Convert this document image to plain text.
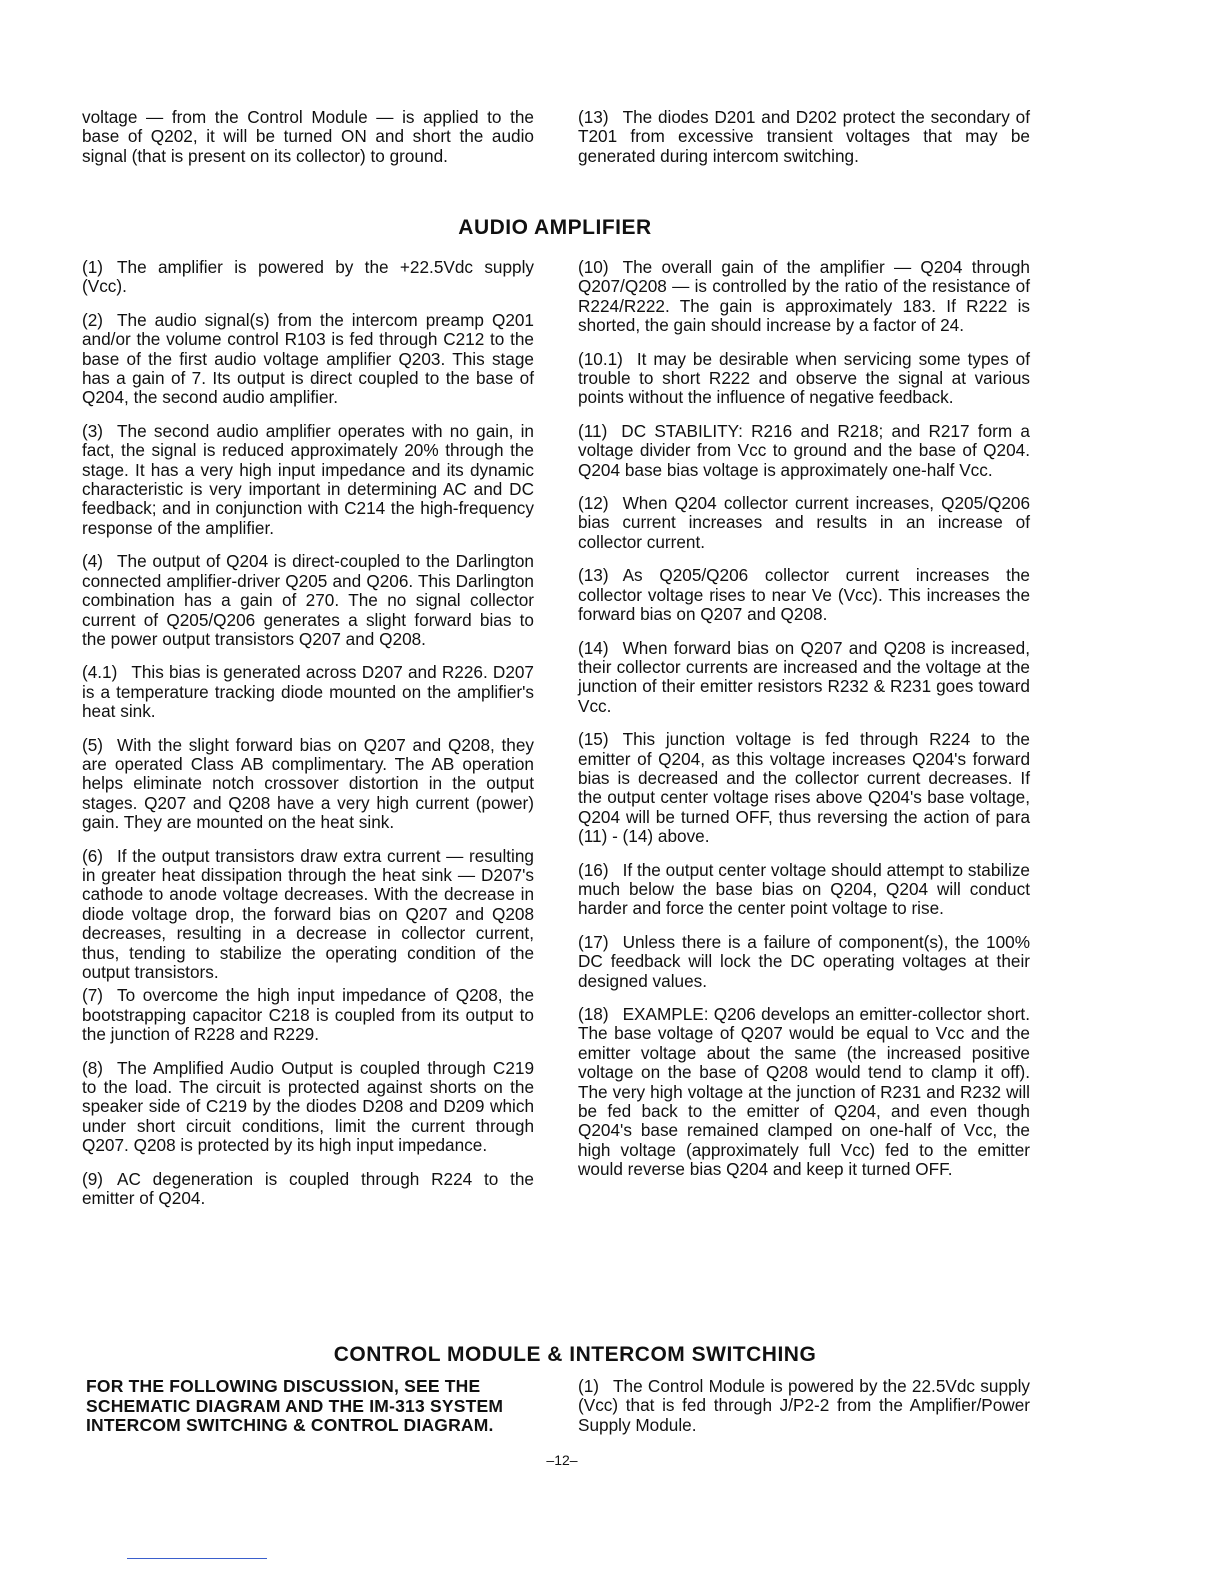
voltage — from the Control Module — is applied to the base of Q202, it will be turned ON and short the audio signal (that is present on its collector) to ground.

(13) The diodes D201 and D202 protect the secondary of T201 from excessive transient voltages that may be generated during intercom switching.

AUDIO AMPLIFIER

(1) The amplifier is powered by the +22.5Vdc supply (Vcc).

(2) The audio signal(s) from the intercom preamp Q201 and/or the volume control R103 is fed through C212 to the base of the first audio voltage amplifier Q203. This stage has a gain of 7. Its output is direct coupled to the base of Q204, the second audio amplifier.

(3) The second audio amplifier operates with no gain, in fact, the signal is reduced approximately 20% through the stage. It has a very high input impedance and its dynamic characteristic is very important in determining AC and DC feedback; and in conjunction with C214 the high-frequency response of the amplifier.

(4) The output of Q204 is direct-coupled to the Darlington connected amplifier-driver Q205 and Q206. This Darlington combination has a gain of 270. The no signal collector current of Q205/Q206 generates a slight forward bias to the power output transistors Q207 and Q208.

(4.1) This bias is generated across D207 and R226. D207 is a temperature tracking diode mounted on the amplifier's heat sink.

(5) With the slight forward bias on Q207 and Q208, they are operated Class AB complimentary. The AB operation helps eliminate notch crossover distortion in the output stages. Q207 and Q208 have a very high current (power) gain. They are mounted on the heat sink.

(6) If the output transistors draw extra current — resulting in greater heat dissipation through the heat sink — D207's cathode to anode voltage decreases. With the decrease in diode voltage drop, the forward bias on Q207 and Q208 decreases, resulting in a decrease in collector current, thus, tending to stabilize the operating condition of the output transistors.

(7) To overcome the high input impedance of Q208, the bootstrapping capacitor C218 is coupled from its output to the junction of R228 and R229.

(8) The Amplified Audio Output is coupled through C219 to the load. The circuit is protected against shorts on the speaker side of C219 by the diodes D208 and D209 which under short circuit conditions, limit the current through Q207. Q208 is protected by its high input impedance.

(9) AC degeneration is coupled through R224 to the emitter of Q204.

(10) The overall gain of the amplifier — Q204 through Q207/Q208 — is controlled by the ratio of the resistance of R224/R222. The gain is approximately 183. If R222 is shorted, the gain should increase by a factor of 24.

(10.1) It may be desirable when servicing some types of trouble to short R222 and observe the signal at various points without the influence of negative feedback.

(11) DC STABILITY: R216 and R218; and R217 form a voltage divider from Vcc to ground and the base of Q204. Q204 base bias voltage is approximately one-half Vcc.

(12) When Q204 collector current increases, Q205/Q206 bias current increases and results in an increase of collector current.

(13) As Q205/Q206 collector current increases the collector voltage rises to near Ve (Vcc). This increases the forward bias on Q207 and Q208.

(14) When forward bias on Q207 and Q208 is increased, their collector currents are increased and the voltage at the junction of their emitter resistors R232 & R231 goes toward Vcc.

(15) This junction voltage is fed through R224 to the emitter of Q204, as this voltage increases Q204's forward bias is decreased and the collector current decreases. If the output center voltage rises above Q204's base voltage, Q204 will be turned OFF, thus reversing the action of para (11) - (14) above.

(16) If the output center voltage should attempt to stabilize much below the base bias on Q204, Q204 will conduct harder and force the center point voltage to rise.

(17) Unless there is a failure of component(s), the 100% DC feedback will lock the DC operating voltages at their designed values.

(18) EXAMPLE: Q206 develops an emitter-collector short. The base voltage of Q207 would be equal to Vcc and the emitter voltage about the same (the increased positive voltage on the base of Q208 would tend to clamp it off). The very high voltage at the junction of R231 and R232 will be fed back to the emitter of Q204, and even though Q204's base remained clamped on one-half of Vcc, the high voltage (approximately full Vcc) fed to the emitter would reverse bias Q204 and keep it turned OFF.

CONTROL MODULE & INTERCOM SWITCHING
FOR THE FOLLOWING DISCUSSION, SEE THE SCHEMATIC DIAGRAM AND THE IM-313 SYSTEM INTERCOM SWITCHING & CONTROL DIAGRAM.

(1) The Control Module is powered by the 22.5Vdc supply (Vcc) that is fed through J/P2-2 from the Amplifier/Power Supply Module.

–12–
